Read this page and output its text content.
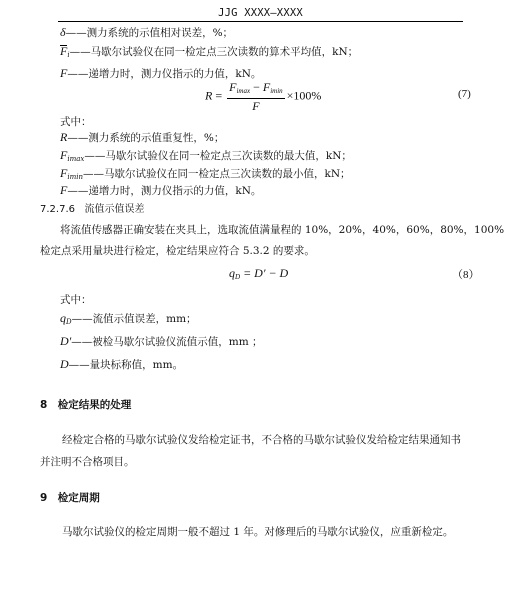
JJG XXXX—XXXX
δ——测力系统的示值相对误差，%；
$F_i——$马歇尔试验仪在同一检定点三次读数的算术平均值，kN；
F——递增力时，测力仪指示的力值，kN。
$R = \frac{F_{imax} - F_{imin}}{F} \times 100\%$	(7)
式中：
R——测力系统的示值重复性，%；
$F_{imax}——$马歇尔试验仪在同一检定点三次读数的最大值，kN；
$F_{imin}——$马歇尔试验仪在同一检定点三次读数的最小值，kN；
F——递增力时，测力仪指示的力值，kN。
7.2.7.6 流值示值误差
将流值传感器正确安装在夹具上，选取流值满量程的 10%，20%，40%，60%，80%，100%
检定点采用量块进行检定，检定结果应符合 5.3.2 的要求。
$q_D = D' - D$	（8）
式中：
$q_D——$流值示值误差，mm；
D′——被检马歇尔试验仪流值示值，mm ；
D——量块标称值，mm。
8　检定结果的处理
经检定合格的马歇尔试验仪发给检定证书，不合格的马歇尔试验仪发给检定结果通知书
并注明不合格项目。
9　检定周期
马歇尔试验仪的检定周期一般不超过 1 年。对修理后的马歇尔试验仪，应重新检定。
